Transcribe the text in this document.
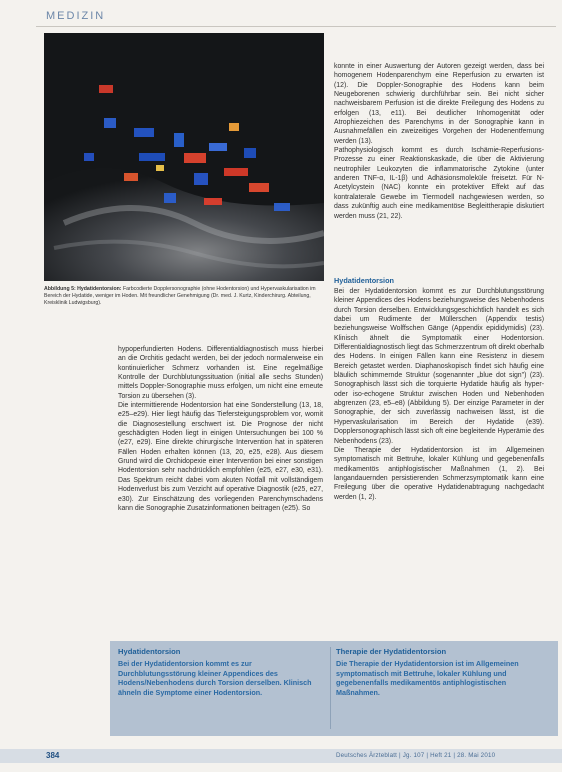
MEDIZIN
Abbildung 5: Hydatidentorsion: Farbcodierte Dopplersonographie (ohne Hodentorsion) und Hypervaskularisation im Bereich der Hydatide, weniger im Hoden. Mit freundlicher Genehmigung (Dr. med. J. Kurtz, Kinderchirurg. Abteilung, Kreisklinik Ludwigsburg).
hypoperfundierten Hodens. Differentialdiagnostisch muss hierbei an die Orchitis gedacht werden, bei der jedoch normalerweise ein kontinuierlicher Schmerz vorhanden ist. Eine regelmäßige Kontrolle der Durchblutungssituation (initial alle sechs Stunden) mittels Doppler-Sonographie muss erfolgen, um nicht eine erneute Torsion zu übersehen (3).
Die intermittierende Hodentorsion hat eine Sonderstellung (13, 18, e25–e29). Hier liegt häufig das Tiefersteigungsproblem vor, womit die Diagnosestellung erschwert ist. Die Prognose der nicht geschädigten Hoden liegt in einigen Untersuchungen bei 100 % (e27, e29). Eine direkte chirurgische Intervention hat in späteren Fällen Hoden erhalten können (13, 20, e25, e28). Aus diesem Grund wird die Orchidopexie einer Intervention bei einer sonstigen Hodentorsion sehr nachdrücklich empfohlen (e25, e27, e30, e31). Das Spektrum reicht dabei vom akuten Notfall mit vollständigem Hodenverlust bis zum Verzicht auf operative Diagnostik (e25, e27, e30). Zur Einschätzung des vorliegenden Parenchymschadens kann die Sonographie Zusatzinformationen beitragen (e25). So
konnte in einer Auswertung der Autoren gezeigt werden, dass bei homogenem Hodenparenchym eine Reperfusion zu erwarten ist (12). Die Doppler-Sonographie des Hodens kann beim Neugeborenen schwierig durchführbar sein. Bei nicht sicher nachweisbarem Perfusion ist die direkte Freilegung des Hodens zu erfolgen (13, e11). Bei deutlicher Inhomogenität oder Atrophiezeichen des Parenchyms in der Sonographie kann in Ausnahmefällen ein zweizeitiges Vorgehen der Hodenentfernung werden (13).
Pathophysiologisch kommt es durch Ischämie-Reperfusions-Prozesse zu einer Reaktionskaskade, die über die Aktivierung neutrophiler Leukozyten die inflammatorische Zytokine (unter anderen TNF-α, IL-1β) und Adhäsionsmoleküle freisetzt. Für N-Acetylcystein (NAC) konnte ein protektiver Effekt auf das kontralaterale Gewebe im Tiermodell nachgewiesen werden, so dass zukünftig auch eine medikamentöse Begleittherapie diskutiert werden muss (21, 22).
Hydatidentorsion
Bei der Hydatidentorsion kommt es zur Durchblutungsstörung kleiner Appendices des Hodens beziehungsweise des Nebenhodens durch Torsion derselben. Entwicklungsgeschichtlich handelt es sich dabei um Rudimente der Müllerschen (Appendix testis) beziehungsweise Wolffschen Gänge (Appendix epididymidis) (23). Klinisch ähnelt die Symptomatik einer Hodentorsion. Differentialdiagnostisch liegt das Schmerzzentrum oft direkt oberhalb des Hodens. In einigen Fällen kann eine Resistenz in diesem Bereich getastet werden. Diaphanoskopisch findet sich häufig eine bläulich schimmernde Struktur (sogenannter „blue dot sign") (23). Sonographisch lässt sich die torquierte Hydatide häufig als hyper- oder iso-echogene Struktur zwischen Hoden und Nebenhoden abgrenzen (23, e5–e8) (Abbildung 5). Der einzige Parameter in der Sonographie, der sich zuverlässig nachweisen lässt, ist die Hypervaskularisation im Bereich der Hydatide (e39). Dopplersonographisch lässt sich oft eine begleitende Hyperämie des Nebenhodens (23).
Die Therapie der Hydatidentorsion ist im Allgemeinen symptomatisch mit Bettruhe, lokaler Kühlung und gegebenenfalls medikamentös antiphlogistischer Maßnahmen (1, 2). Bei langandauernden persistierenden Schmerzsymptomatik kann eine Freilegung über die operative Hydatidenabtragung nachgedacht werden (1, 2).
Hydatidentorsion
Bei der Hydatidentorsion kommt es zur Durchblutungsstörung kleiner Appendices des Hodens/Nebenhodens durch Torsion derselben. Klinisch ähneln die Symptome einer Hodentorsion.
Therapie der Hydatidentorsion
Die Therapie der Hydatidentorsion ist im Allgemeinen symptomatisch mit Bettruhe, lokaler Kühlung und gegebenenfalls medikamentös antiphlogistischen Maßnahmen.
384	Deutsches Ärzteblatt | Jg. 107 | Heft 21 | 28. Mai 2010
